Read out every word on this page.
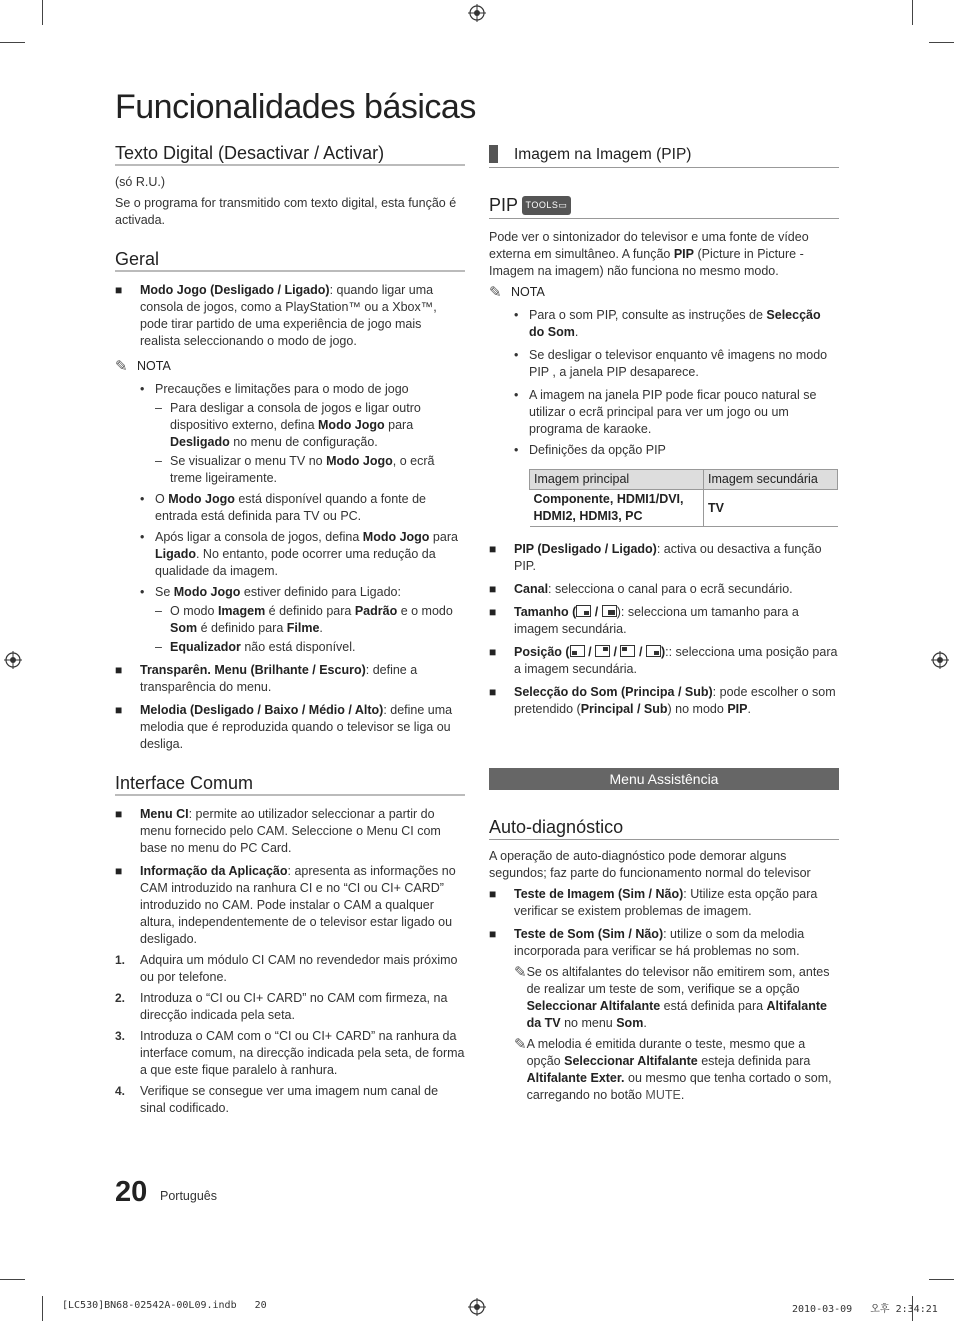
Funcionalidades básicas
Texto Digital (Desactivar / Activar)

(só R.U.)

Se o programa for transmitido com texto digital, esta função é activada.

Geral
■	Modo Jogo (Desligado / Ligado): quando ligar uma consola de jogos, como a PlayStation™ ou a Xbox™, pode tirar partido de uma experiência de jogo mais realista seleccionando o modo de jogo.
✎ NOTA
• Precauções e limitações para o modo de jogo
– Para desligar a consola de jogos e ligar outro dispositivo externo, defina Modo Jogo para Desligado no menu de configuração.
– Se visualizar o menu TV no Modo Jogo, o ecrã treme ligeiramente.
• O Modo Jogo está disponível quando a fonte de entrada está definida para TV ou PC.
• Após ligar a consola de jogos, defina Modo Jogo para Ligado. No entanto, pode ocorrer uma redução da qualidade da imagem.
• Se Modo Jogo estiver definido para Ligado:
– O modo Imagem é definido para Padrão e o modo Som é definido para Filme.
– Equalizador não está disponível.
■	Transparên. Menu (Brilhante / Escuro): define a transparência do menu.
■	Melodia (Desligado / Baixo / Médio / Alto): define uma melodia que é reproduzida quando o televisor se liga ou desliga.
Interface Comum
■	Menu CI: permite ao utilizador seleccionar a partir do menu fornecido pelo CAM. Seleccione o Menu CI com base no menu do PC Card.
■	Informação da Aplicação: apresenta as informações no CAM introduzido na ranhura CI e no “CI ou CI+ CARD” introduzido no CAM. Pode instalar o CAM a qualquer altura, independentemente de o televisor estar ligado ou desligado.
1.	Adquira um módulo CI CAM no revendedor mais próximo ou por telefone.
2.	Introduza o “CI ou CI+ CARD” no CAM com firmeza, na direcção indicada pela seta.
3.	Introduza o CAM com o “CI ou CI+ CARD” na ranhura da interface comum, na direcção indicada pela seta, de forma a que este fique paralelo à ranhura.
4.	Verifique se consegue ver uma imagem num canal de sinal codificado.
Imagem na Imagem (PIP)
PIP TOOLS▭

Pode ver o sintonizador do televisor e uma fonte de vídeo externa em simultâneo. A função PIP (Picture in Picture - Imagem na imagem) não funciona no mesmo modo.

✎ NOTA
• Para o som PIP, consulte as instruções de Selecção do Som.
• Se desligar o televisor enquanto vê imagens no modo PIP , a janela PIP desaparece.
• A imagem na janela PIP pode ficar pouco natural se utilizar o ecrã principal para ver um jogo ou um programa de karaoke.
• Definições da opção PIP
Imagem principal	Imagem secundária
Componente, HDMI1/DVI, HDMI2, HDMI3, PC	TV
■	PIP (Desligado / Ligado): activa ou desactiva a função PIP.
■	Canal: selecciona o canal para o ecrã secundário.
■	Tamanho ( / ): selecciona um tamanho para a imagem secundária.
■	Posição ( / / / ):: selecciona uma posição para a imagem secundária.
■	Selecção do Som (Principa / Sub): pode escolher o som pretendido (Principal / Sub) no modo PIP.
Menu Assistência
Auto-diagnóstico

A operação de auto-diagnóstico pode demorar alguns segundos; faz parte do funcionamento normal do televisor

■	Teste de Imagem (Sim / Não): Utilize esta opção para verificar se existem problemas de imagem.
■	Teste de Som (Sim / Não): utilize o som da melodia incorporada para verificar se há problemas no som.
✎ Se os altifalantes do televisor não emitirem som, antes de realizar um teste de som, verifique se a opção Seleccionar Altifalante está definida para Altifalante da TV no menu Som.
✎ A melodia é emitida durante o teste, mesmo que a opção Seleccionar Altifalante esteja definida para Altifalante Exter. ou mesmo que tenha cortado o som, carregando no botão MUTE.
20 Português
[LC530]BN68-02542A-00L09.indb   20	2010-03-09   오후 2:34:21
